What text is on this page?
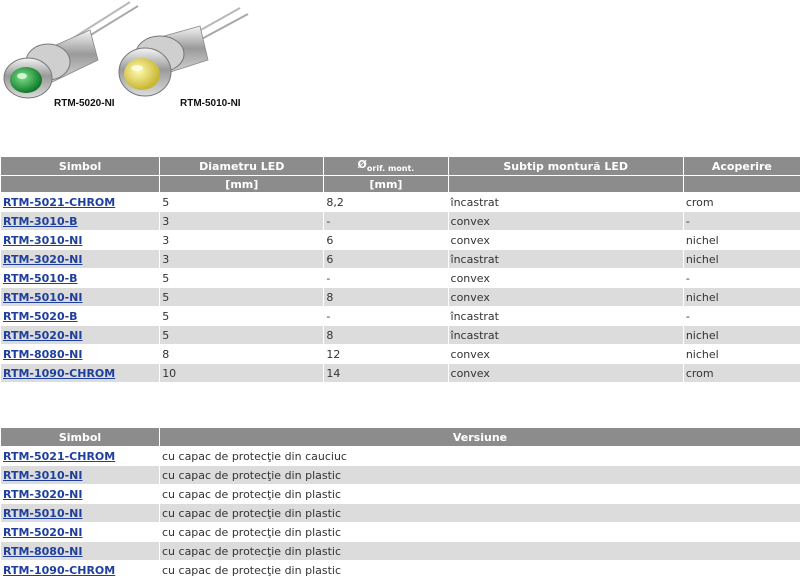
RTM-5020-NI	RTM-5010-NI
Simbol	Diametru LED	$Ø_{orif. mont.}$	Subtip montură LED	Acoperire
	[mm]	[mm]		
RTM-5021-CHROM	5	8,2	încastrat	crom
RTM-3010-B	3	-	convex	-
RTM-3010-NI	3	6	convex	nichel
RTM-3020-NI	3	6	încastrat	nichel
RTM-5010-B	5	-	convex	-
RTM-5010-NI	5	8	convex	nichel
RTM-5020-B	5	-	încastrat	-
RTM-5020-NI	5	8	încastrat	nichel
RTM-8080-NI	8	12	convex	nichel
RTM-1090-CHROM	10	14	convex	crom
Simbol	Versiune
RTM-5021-CHROM	cu capac de protecţie din cauciuc
RTM-3010-NI	cu capac de protecţie din plastic
RTM-3020-NI	cu capac de protecţie din plastic
RTM-5010-NI	cu capac de protecţie din plastic
RTM-5020-NI	cu capac de protecţie din plastic
RTM-8080-NI	cu capac de protecţie din plastic
RTM-1090-CHROM	cu capac de protecţie din plastic
